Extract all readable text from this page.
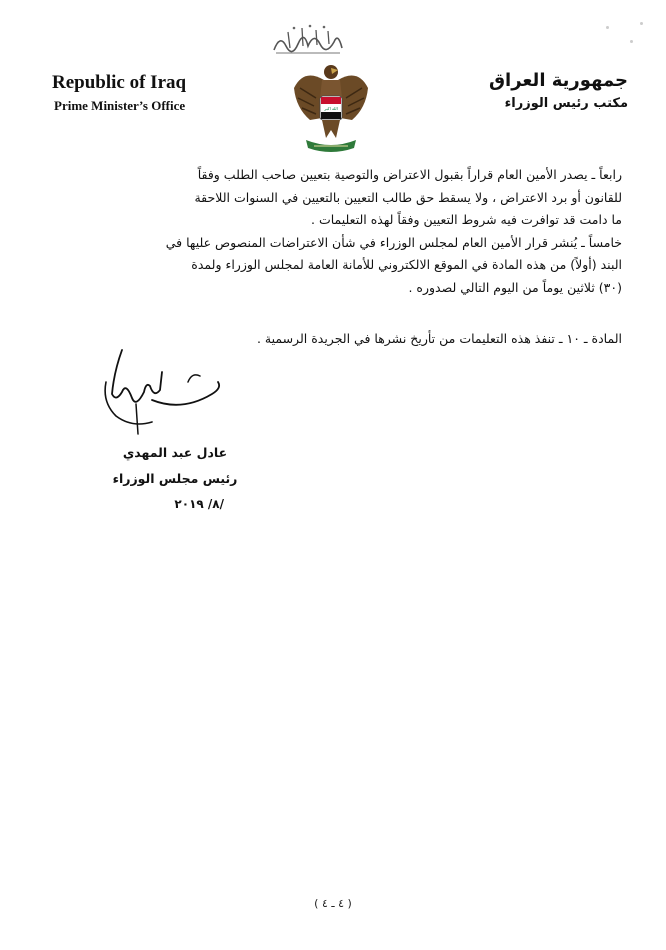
Republic of Iraq
Prime Minister’s Office	الله اكبر
جمهورية العراق
مكتب رئيس الوزراء
رابعاً ـ يصدر الأمين العام قراراً بقبول الاعتراض والتوصية بتعيين صاحب الطلب وفقاً
للقانون أو برد الاعتراض ، ولا يسقط حق طالب التعيين بالتعيين في السنوات اللاحقة
ما دامت قد توافرت فيه شروط التعيين وفقاً لهذه التعليمات .
خامساً ـ يُنشر قرار الأمين العام لمجلس الوزراء في شأن الاعتراضات المنصوص عليها في
البند (أولاً) من هذه المادة في الموقع الالكتروني للأمانة العامة لمجلس الوزراء ولمدة
(٣٠) ثلاثين يوماً من اليوم التالي لصدوره .
المادة ـ ١٠ ـ تنفذ هذه التعليمات من تأريخ نشرها في الجريدة الرسمية .
عادل عبد المهدي
رئيس مجلس الوزراء
/٨/ ٢٠١٩
( ٤ ـ ٤ )
